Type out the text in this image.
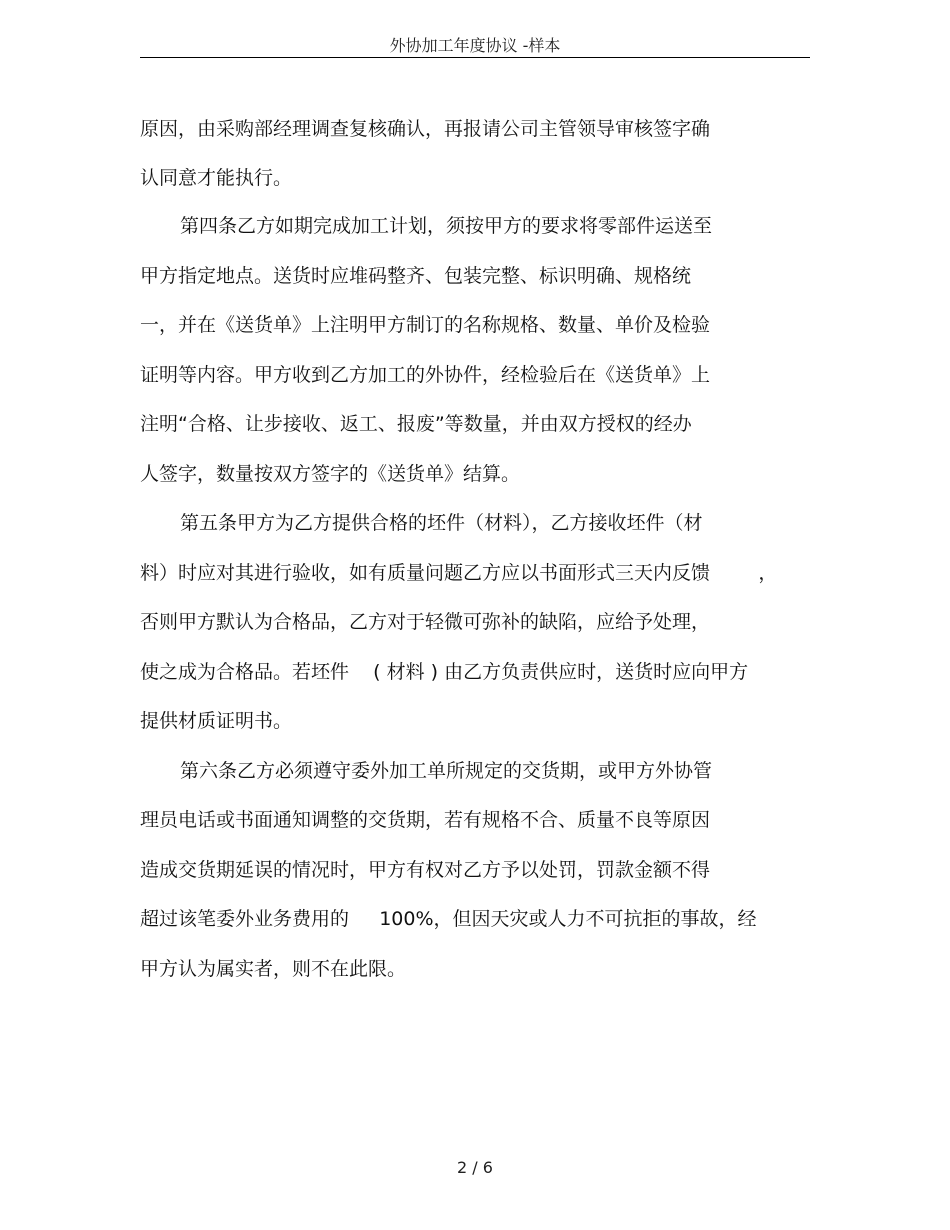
外协加工年度协议 -样本
原因，由采购部经理调查复核确认，再报请公司主管领导审核签字确
认同意才能执行。
第四条乙方如期完成加工计划，须按甲方的要求将零部件运送至
甲方指定地点。送货时应堆码整齐、包装完整、标识明确、规格统
一，并在《送货单》上注明甲方制订的名称规格、数量、单价及检验
证明等内容。甲方收到乙方加工的外协件，经检验后在《送货单》上
注明“合格、让步接收、返工、报废”等数量，并由双方授权的经办
人签字，数量按双方签字的《送货单》结算。
第五条甲方为乙方提供合格的坯件（材料），乙方接收坯件（材
料）时应对其进行验收，如有质量问题乙方应以书面形式三天内反馈        ，
否则甲方默认为合格品，乙方对于轻微可弥补的缺陷，应给予处理，
使之成为合格品。若坯件    ( 材料 ) 由乙方负责供应时，送货时应向甲方
提供材质证明书。
第六条乙方必须遵守委外加工单所规定的交货期，或甲方外协管
理员电话或书面通知调整的交货期，若有规格不合、质量不良等原因
造成交货期延误的情况时，甲方有权对乙方予以处罚，罚款金额不得
超过该笔委外业务费用的     100%，但因天灾或人力不可抗拒的事故，经
甲方认为属实者，则不在此限。
2 / 6
